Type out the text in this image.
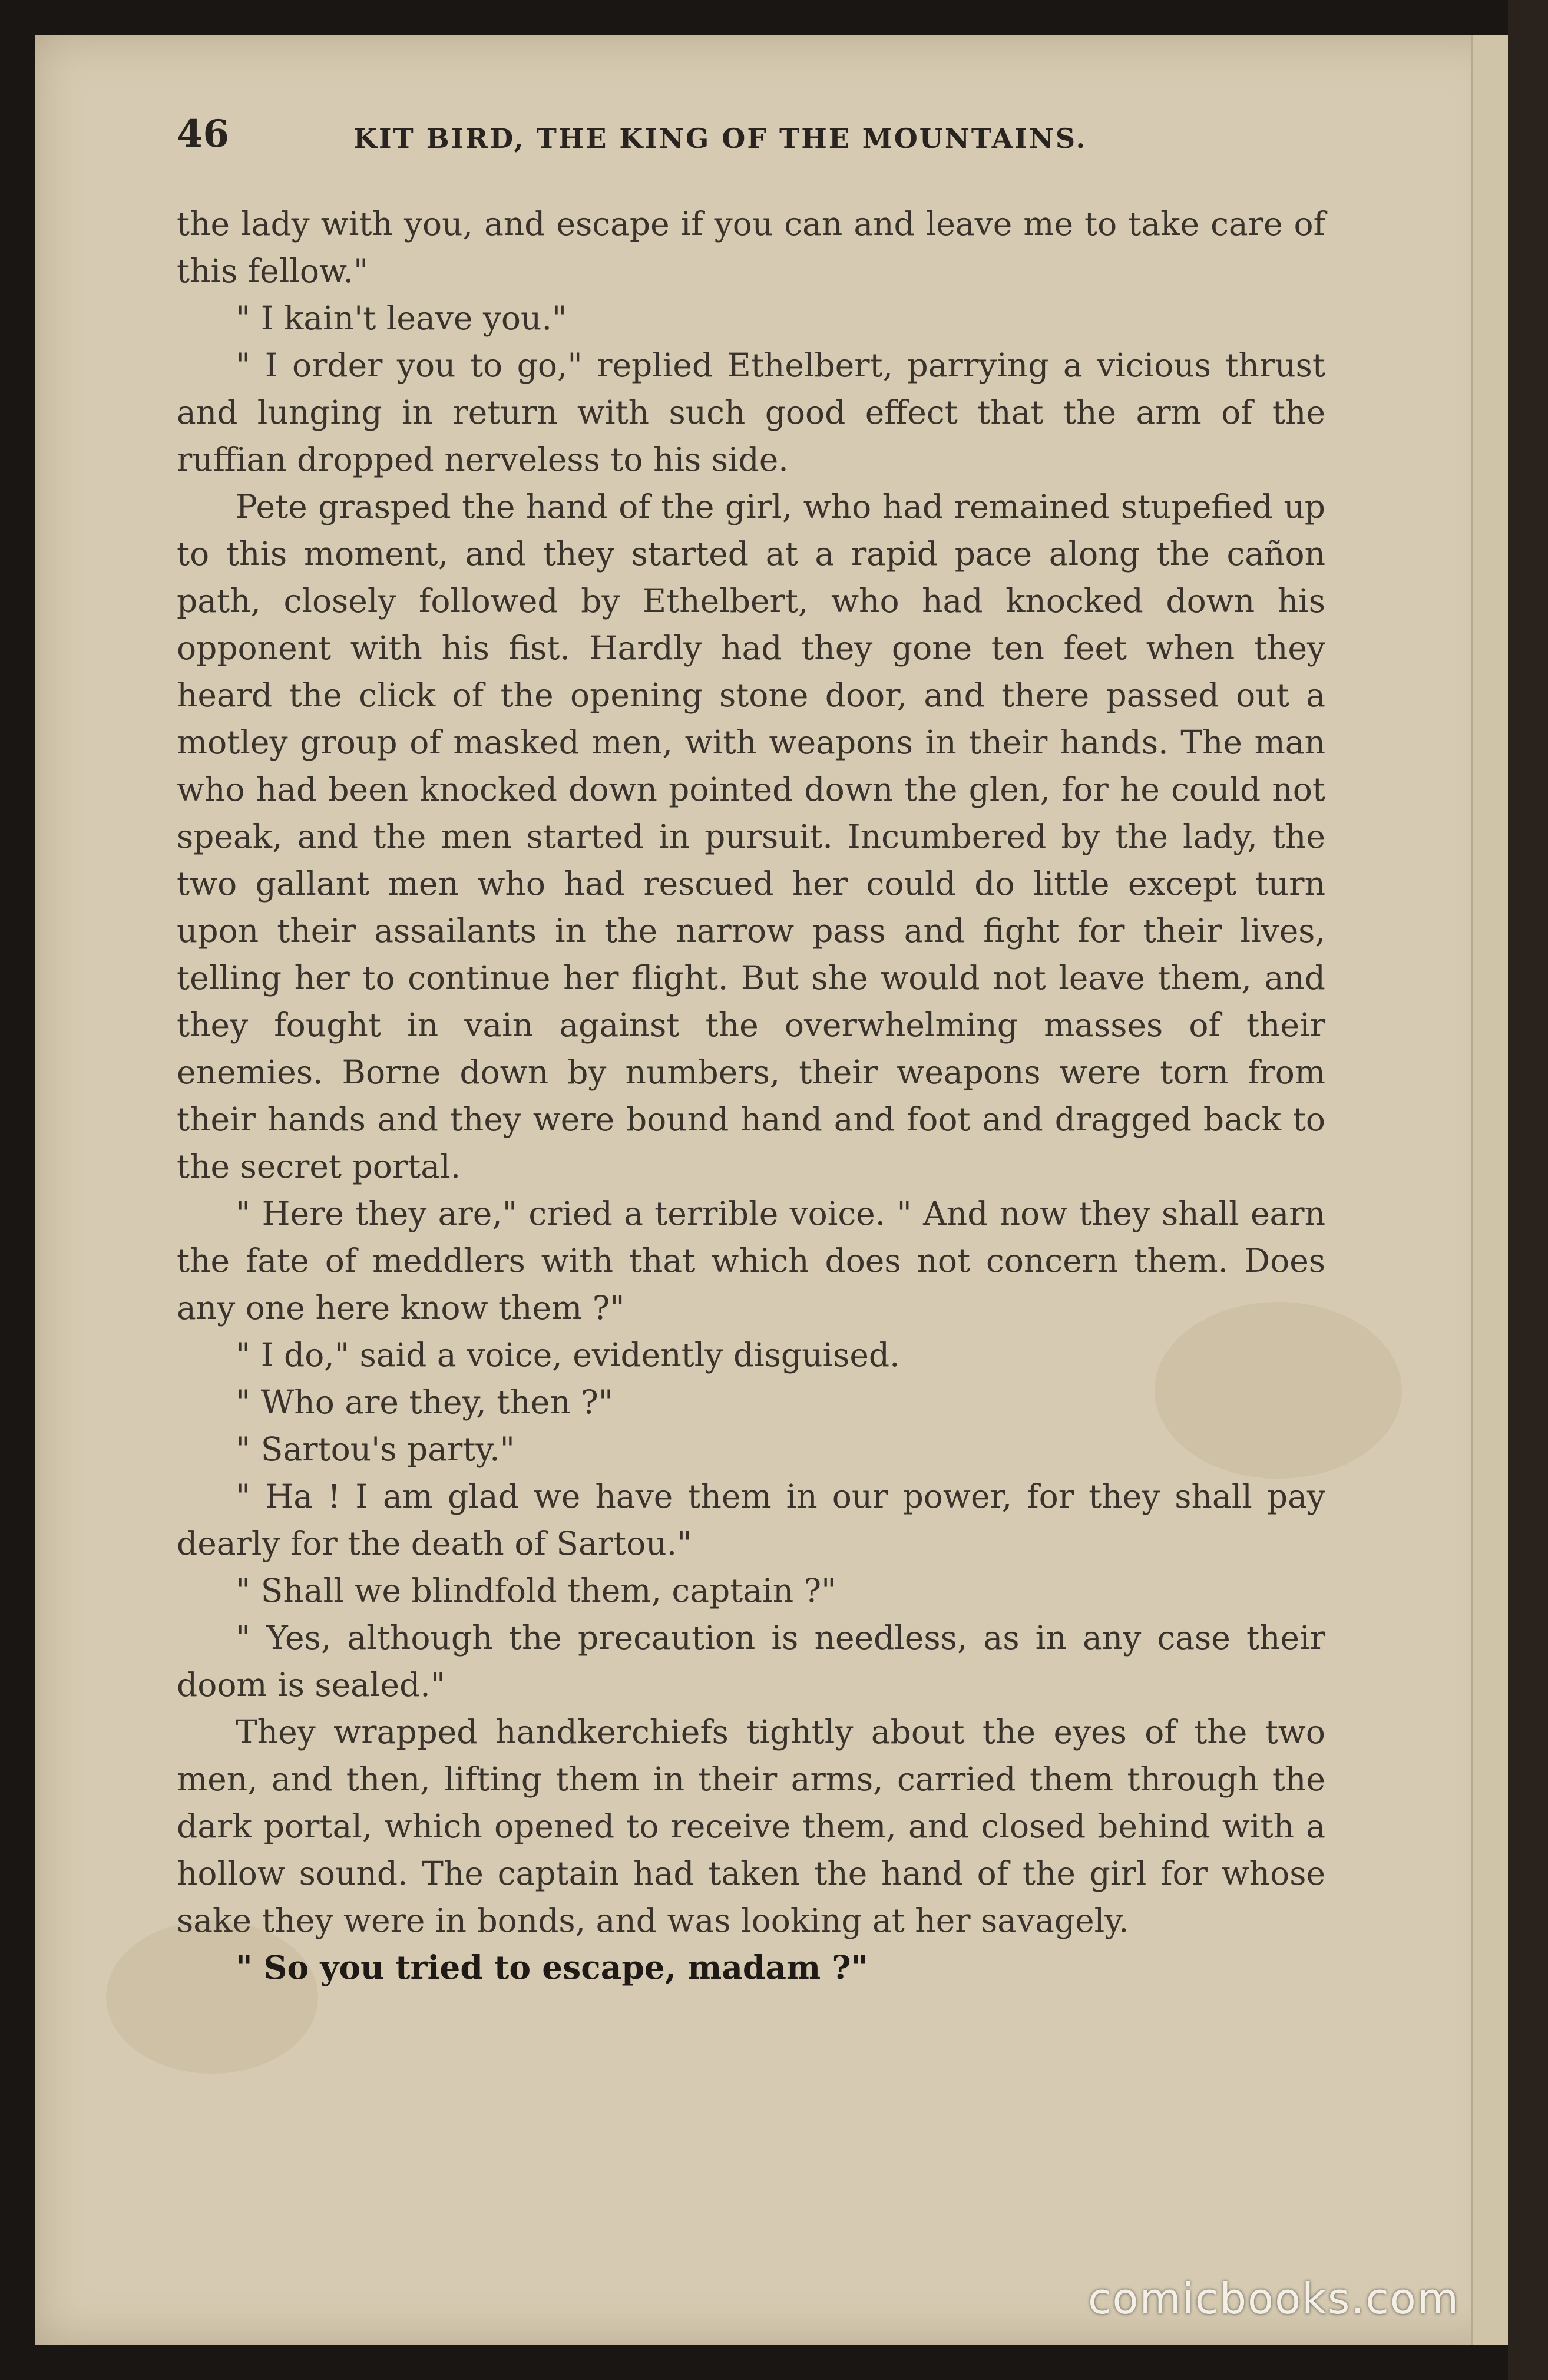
46	KIT BIRD, THE KING OF THE MOUNTAINS.

the lady with you, and escape if you can and leave me to take care of this fellow."

" I kain't leave you."

" I order you to go," replied Ethelbert, parrying a vicious thrust and lunging in return with such good effect that the arm of the ruffian dropped nerveless to his side.

Pete grasped the hand of the girl, who had remained stupefied up to this moment, and they started at a rapid pace along the cañon path, closely followed by Ethelbert, who had knocked down his opponent with his fist. Hardly had they gone ten feet when they heard the click of the opening stone door, and there passed out a motley group of masked men, with weapons in their hands. The man who had been knocked down pointed down the glen, for he could not speak, and the men started in pursuit. Incumbered by the lady, the two gallant men who had rescued her could do little except turn upon their assailants in the narrow pass and fight for their lives, telling her to continue her flight. But she would not leave them, and they fought in vain against the overwhelming masses of their enemies. Borne down by numbers, their weapons were torn from their hands and they were bound hand and foot and dragged back to the secret portal.

" Here they are," cried a terrible voice. " And now they shall earn the fate of meddlers with that which does not concern them. Does any one here know them ?"

" I do," said a voice, evidently disguised.

" Who are they, then ?"

" Sartou's party."

" Ha ! I am glad we have them in our power, for they shall pay dearly for the death of Sartou."

" Shall we blindfold them, captain ?"

" Yes, although the precaution is needless, as in any case their doom is sealed."

They wrapped handkerchiefs tightly about the eyes of the two men, and then, lifting them in their arms, carried them through the dark portal, which opened to receive them, and closed behind with a hollow sound. The captain had taken the hand of the girl for whose sake they were in bonds, and was looking at her savagely.

" So you tried to escape, madam ?"

comicbooks.com
